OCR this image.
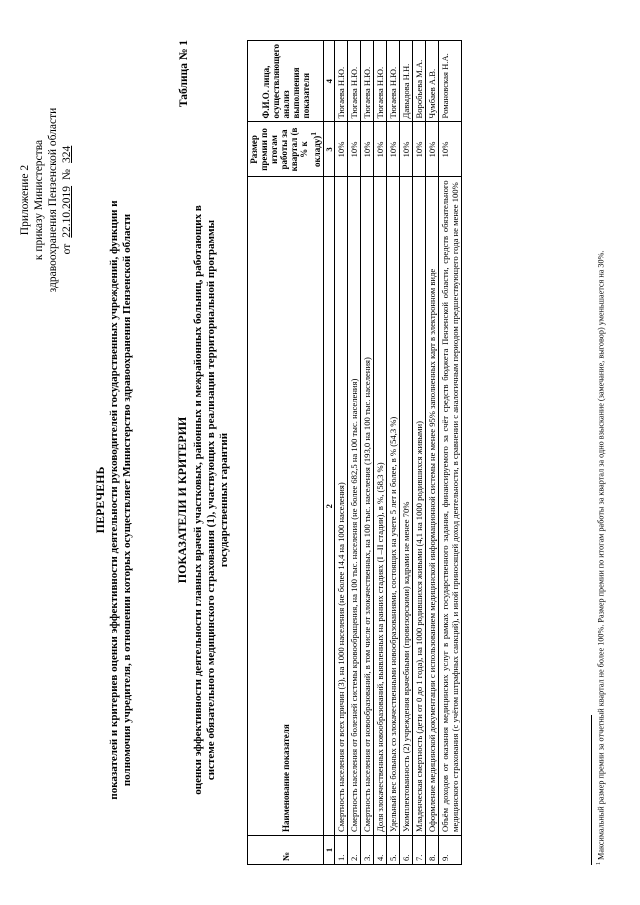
Приложение 2 к приказу Министерства здравоохранения Пензенской области от
22.10.2019
№
324
ПЕРЕЧЕНЬ показателей и критериев оценки эффективности деятельности руководителей государственных учреждений, функции и полномочия учредителя, в отношении которых осуществляет Министерство здравоохранения Пензенской области
Таблица № 1
ПОКАЗАТЕЛИ И КРИТЕРИИ оценки эффективности деятельности главных врачей участковых, районных и межрайонных больниц, работающих в системе обязательного медицинского страхования (1), участвующих в реализации территориальной программы государственных гарантий
№	Наименование показателя	Размер премии по итогам работы за квартал (в % к окладу)$^1$	Ф.И.О. лица, осуществляющего анализ выполнения показателя
1	2	3	4
1.	Смертность населения от всех причин (3), на 1000 населения (не более 14,4 на 1000 населения)	10%	Тюгаева Н.Ю.
2.	Смертность населения от болезней системы кровообращения, на 100 тыс. населения (не более 682,5 на 100 тыс. населения)	10%	Тюгаева Н.Ю.
3.	Смертность населения от новообразований, в том числе от злокачественных, на 100 тыс. населения (193,0 на 100 тыс. населения)	10%	Тюгаева Н.Ю.
4.	Доля злокачественных новообразований, выявленных на ранних стадиях (I –II стадии), в %, (58,3 %)	10%	Тюгаева Н.Ю.
5.	Удельный вес больных со злокачественными новообразованиями, состоящих на учете 5 лет и более, в % (54,3 %)	10%	Тюгаева Н.Ю.
6.	Укомплектованность (2) учреждения врачебными (провизорскими) кадрами не менее 70%	10%	Давыдова Н.Н.
7.	Младенческая смертность (дети от 0 до 1 года), на 1000 родившихся живыми (4,1 на 1000 родившихся живыми)	10%	Воробьева М.А.
8.	Оформление медицинской документации с использованием медицинской информационной системы не менее 95% заполненных карт в электронном виде	10%	Чумбаев А.В.
9.	Объём доходов от оказания медицинских услуг в рамках государственного задания, финансируемого за счёт средств бюджета Пензенской области, средств обязательного медицинского страхования (с учётом штрафных санкций), и иной приносящей доход деятельности, в сравнении с аналогичным периодом предшествующего года не менее 100%	10%	Романовская Н.А.
$^1$ Максимальный размер премии за отчетный квартал не более 100%. Размер премии по итогам работы за квартал за одно взыскание (замечание, выговор) уменьшается на 30%.
